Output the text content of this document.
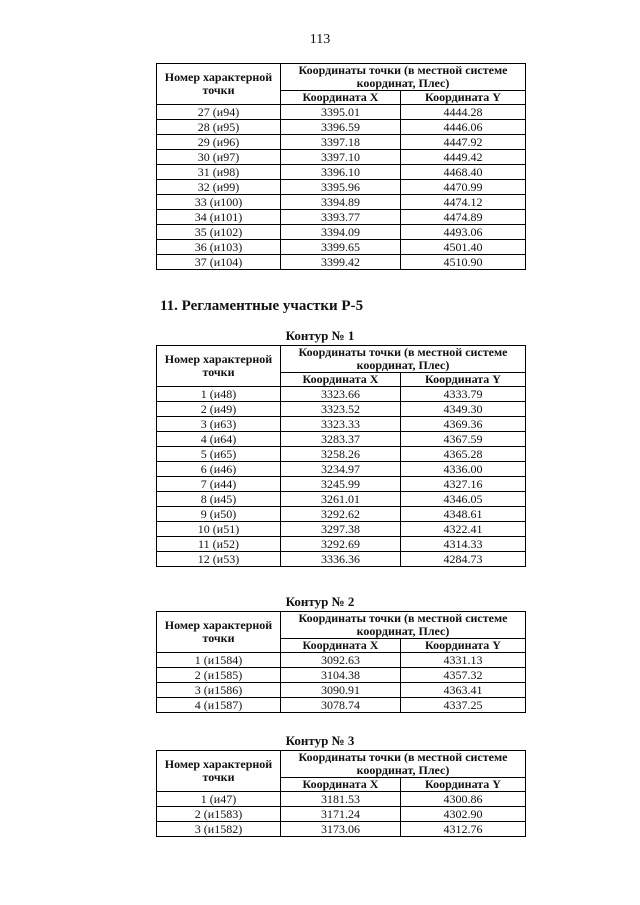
113
Номер характерной точки	Координаты точки (в местной системе координат, Плес)	
	Координата X	Координата Y
27 (и94)	3395.01	4444.28
28 (и95)	3396.59	4446.06
29 (и96)	3397.18	4447.92
30 (и97)	3397.10	4449.42
31 (и98)	3396.10	4468.40
32 (и99)	3395.96	4470.99
33 (и100)	3394.89	4474.12
34 (и101)	3393.77	4474.89
35 (и102)	3394.09	4493.06
36 (и103)	3399.65	4501.40
37 (и104)	3399.42	4510.90
11. Регламентные участки Р-5
Контур № 1
Номер характерной точки	Координаты точки (в местной системе координат, Плес)	
	Координата X	Координата Y
1 (и48)	3323.66	4333.79
2 (и49)	3323.52	4349.30
3 (и63)	3323.33	4369.36
4 (и64)	3283.37	4367.59
5 (и65)	3258.26	4365.28
6 (и46)	3234.97	4336.00
7 (и44)	3245.99	4327.16
8 (и45)	3261.01	4346.05
9 (и50)	3292.62	4348.61
10 (и51)	3297.38	4322.41
11 (и52)	3292.69	4314.33
12 (и53)	3336.36	4284.73
Контур № 2
Номер характерной точки	Координаты точки (в местной системе координат, Плес)	
	Координата X	Координата Y
1 (и1584)	3092.63	4331.13
2 (и1585)	3104.38	4357.32
3 (и1586)	3090.91	4363.41
4 (и1587)	3078.74	4337.25
Контур № 3
Номер характерной точки	Координаты точки (в местной системе координат, Плес)	
	Координата X	Координата Y
1 (и47)	3181.53	4300.86
2 (и1583)	3171.24	4302.90
3 (и1582)	3173.06	4312.76
